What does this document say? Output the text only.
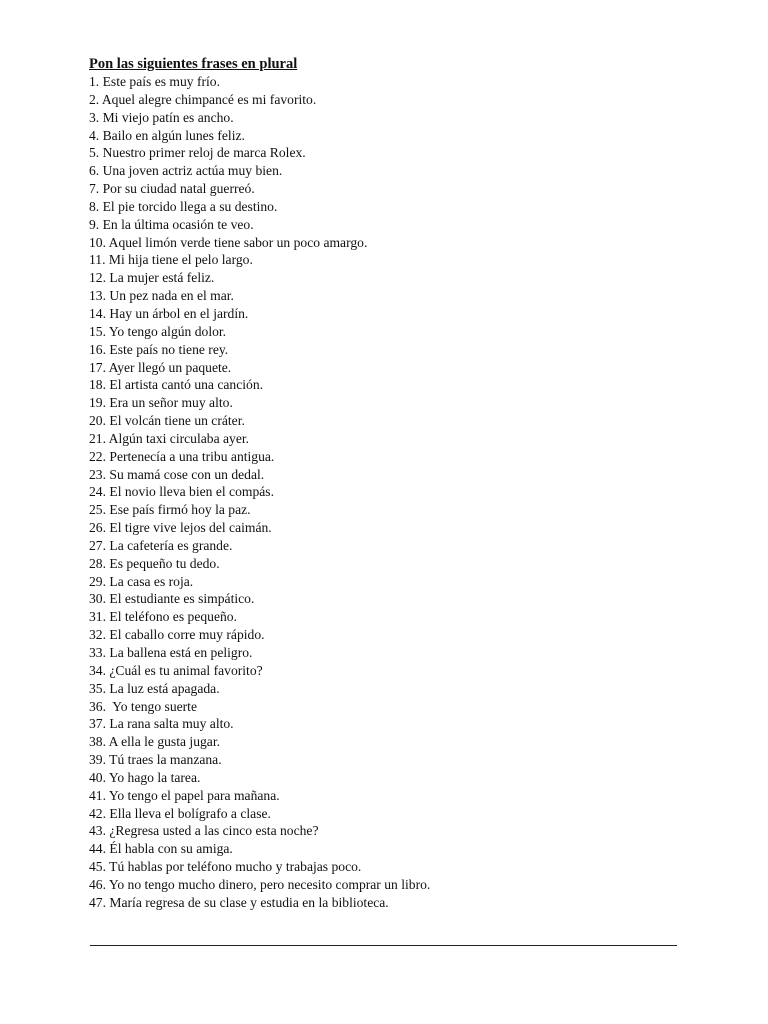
Pon las siguientes frases en plural
1. Este país es muy frío.
2. Aquel alegre chimpancé es mi favorito.
3. Mi viejo patín es ancho.
4. Bailo en algún lunes feliz.
5. Nuestro primer reloj de marca Rolex.
6. Una joven actriz actúa muy bien.
7. Por su ciudad natal guerreó.
8. El pie torcido llega a su destino.
9. En la última ocasión te veo.
10. Aquel limón verde tiene sabor un poco amargo.
11. Mi hija tiene el pelo largo.
12. La mujer está feliz.
13. Un pez nada en el mar.
14. Hay un árbol en el jardín.
15. Yo tengo algún dolor.
16. Este país no tiene rey.
17. Ayer llegó un paquete.
18. El artista cantó una canción.
19. Era un señor muy alto.
20. El volcán tiene un cráter.
21. Algún taxi circulaba ayer.
22. Pertenecía a una tribu antigua.
23. Su mamá cose con un dedal.
24. El novio lleva bien el compás.
25. Ese país firmó hoy la paz.
26. El tigre vive lejos del caimán.
27. La cafetería es grande.
28. Es pequeño tu dedo.
29. La casa es roja.
30. El estudiante es simpático.
31. El teléfono es pequeño.
32. El caballo corre muy rápido.
33. La ballena está en peligro.
34. ¿Cuál es tu animal favorito?
35. La luz está apagada.
36.  Yo tengo suerte
37. La rana salta muy alto.
38. A ella le gusta jugar.
39. Tú traes la manzana.
40. Yo hago la tarea.
41. Yo tengo el papel para mañana.
42. Ella lleva el bolígrafo a clase.
43. ¿Regresa usted a las cinco esta noche?
44. Él habla con su amiga.
45. Tú hablas por teléfono mucho y trabajas poco.
46. Yo no tengo mucho dinero, pero necesito comprar un libro.
47. María regresa de su clase y estudia en la biblioteca.
